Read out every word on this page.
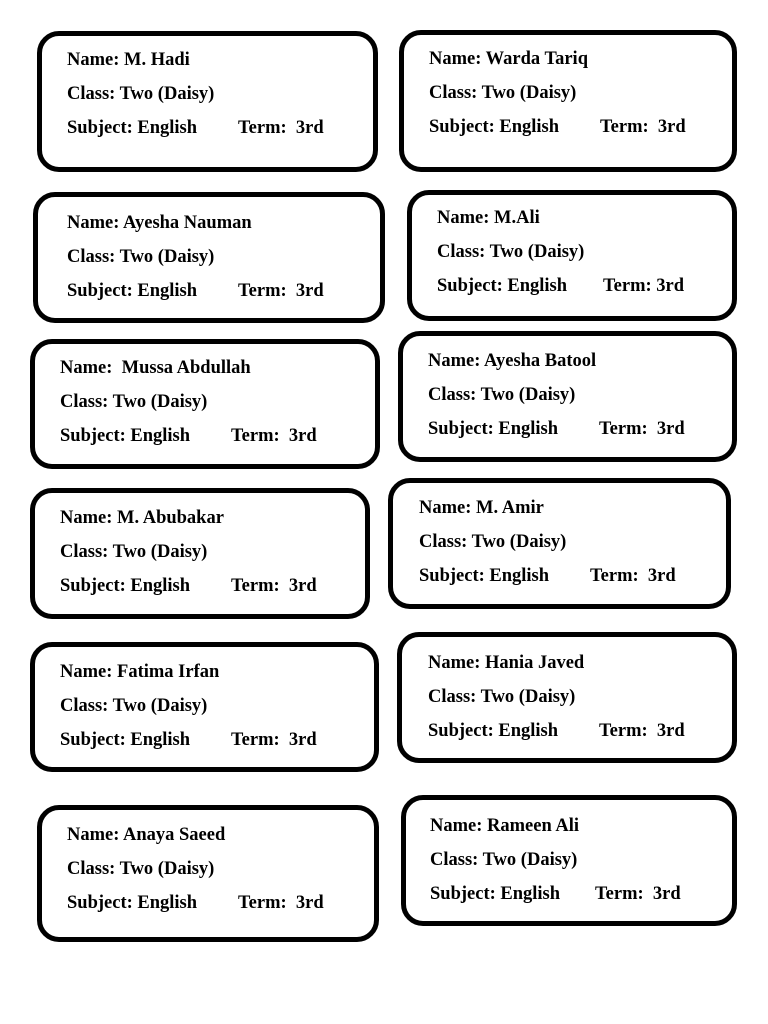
Name: M. Hadi
Class: Two (Daisy)
Subject: English Term:  3rd
Name: Warda Tariq
Class: Two (Daisy)
Subject: English Term:  3rd
Name: Ayesha Nauman
Class: Two (Daisy)
Subject: English Term:  3rd
Name: M.Ali
Class: Two (Daisy)
Subject: English Term: 3rd
Name:  Mussa Abdullah
Class: Two (Daisy)
Subject: English Term:  3rd
Name: Ayesha Batool
Class: Two (Daisy)
Subject: English Term:  3rd
Name: M. Abubakar
Class: Two (Daisy)
Subject: English Term:  3rd
Name: M. Amir
Class: Two (Daisy)
Subject: English Term:  3rd
Name: Fatima Irfan
Class: Two (Daisy)
Subject: English Term:  3rd
Name: Hania Javed
Class: Two (Daisy)
Subject: English Term:  3rd
Name: Anaya Saeed
Class: Two (Daisy)
Subject: English Term:  3rd
Name: Rameen Ali
Class: Two (Daisy)
Subject: English Term:  3rd
